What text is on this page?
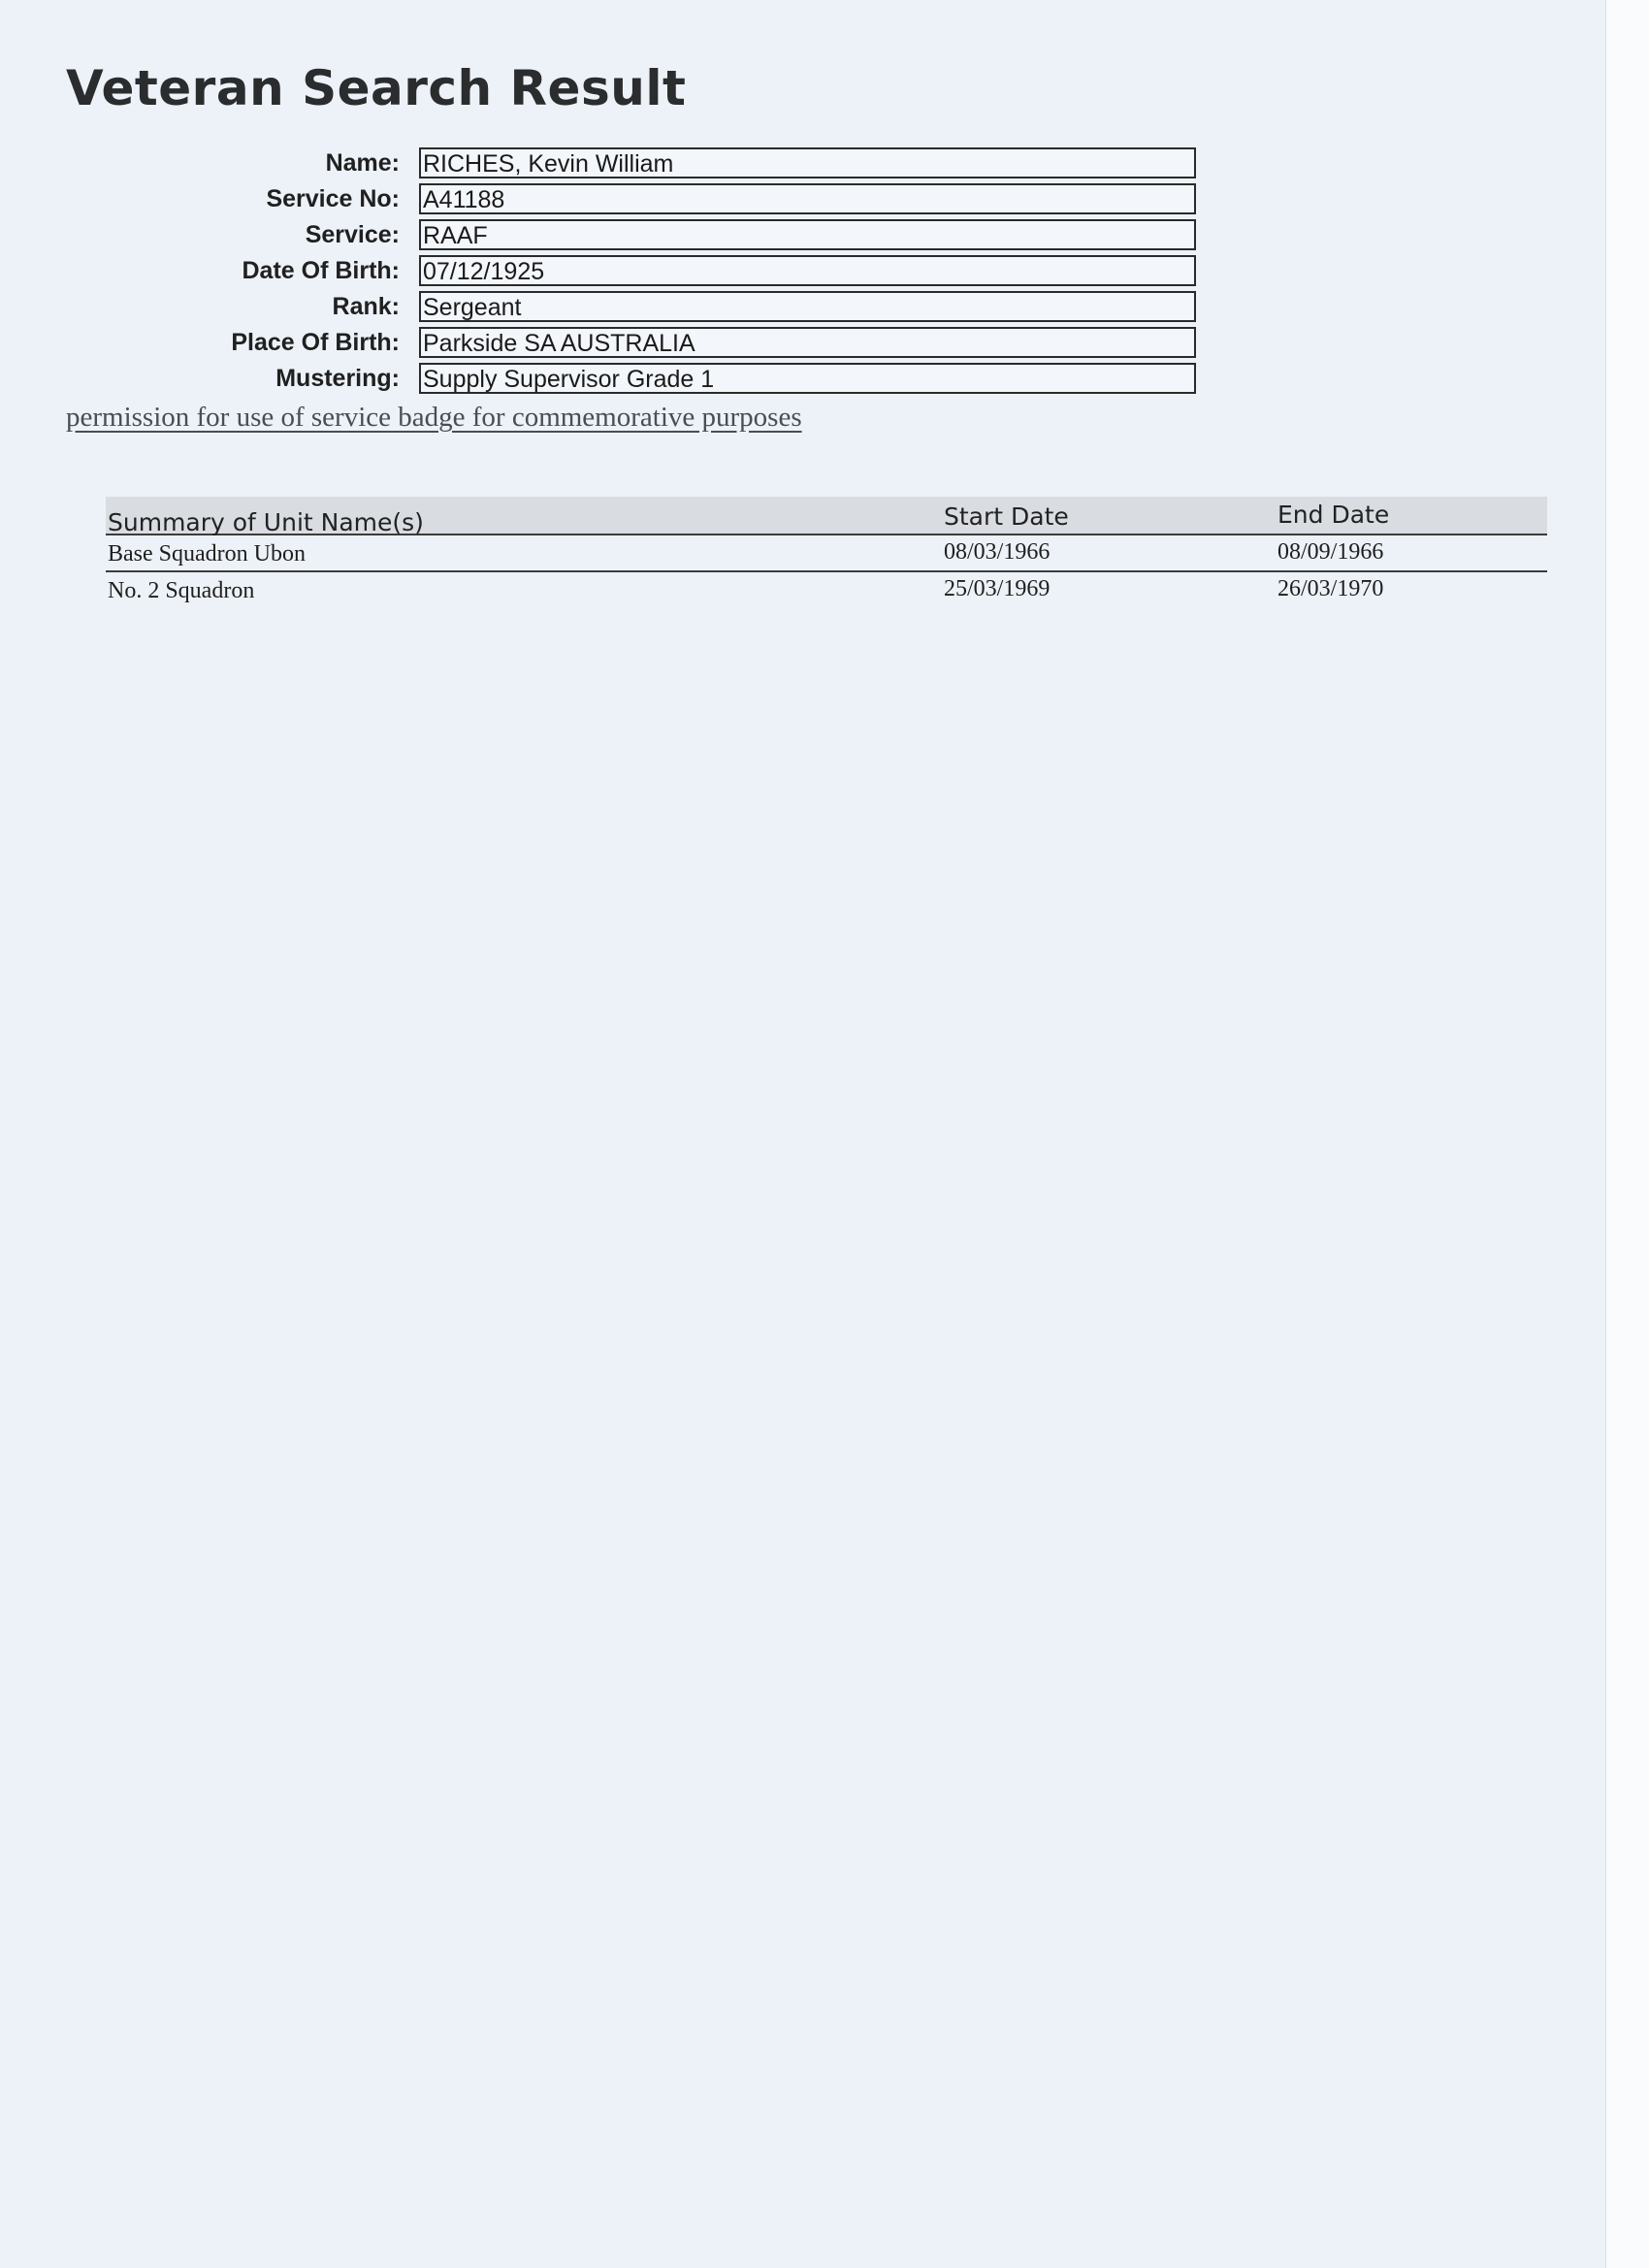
Veteran Search Result
Name: RICHES, Kevin William
Service No: A41188
Service: RAAF
Date Of Birth: 07/12/1925
Rank: Sergeant
Place Of Birth: Parkside SA AUSTRALIA
Mustering: Supply Supervisor Grade 1
permission for use of service badge for commemorative purposes
Summary of Unit Name(s)	Start Date	End Date
Base Squadron Ubon	08/03/1966	08/09/1966
No. 2 Squadron	25/03/1969	26/03/1970
